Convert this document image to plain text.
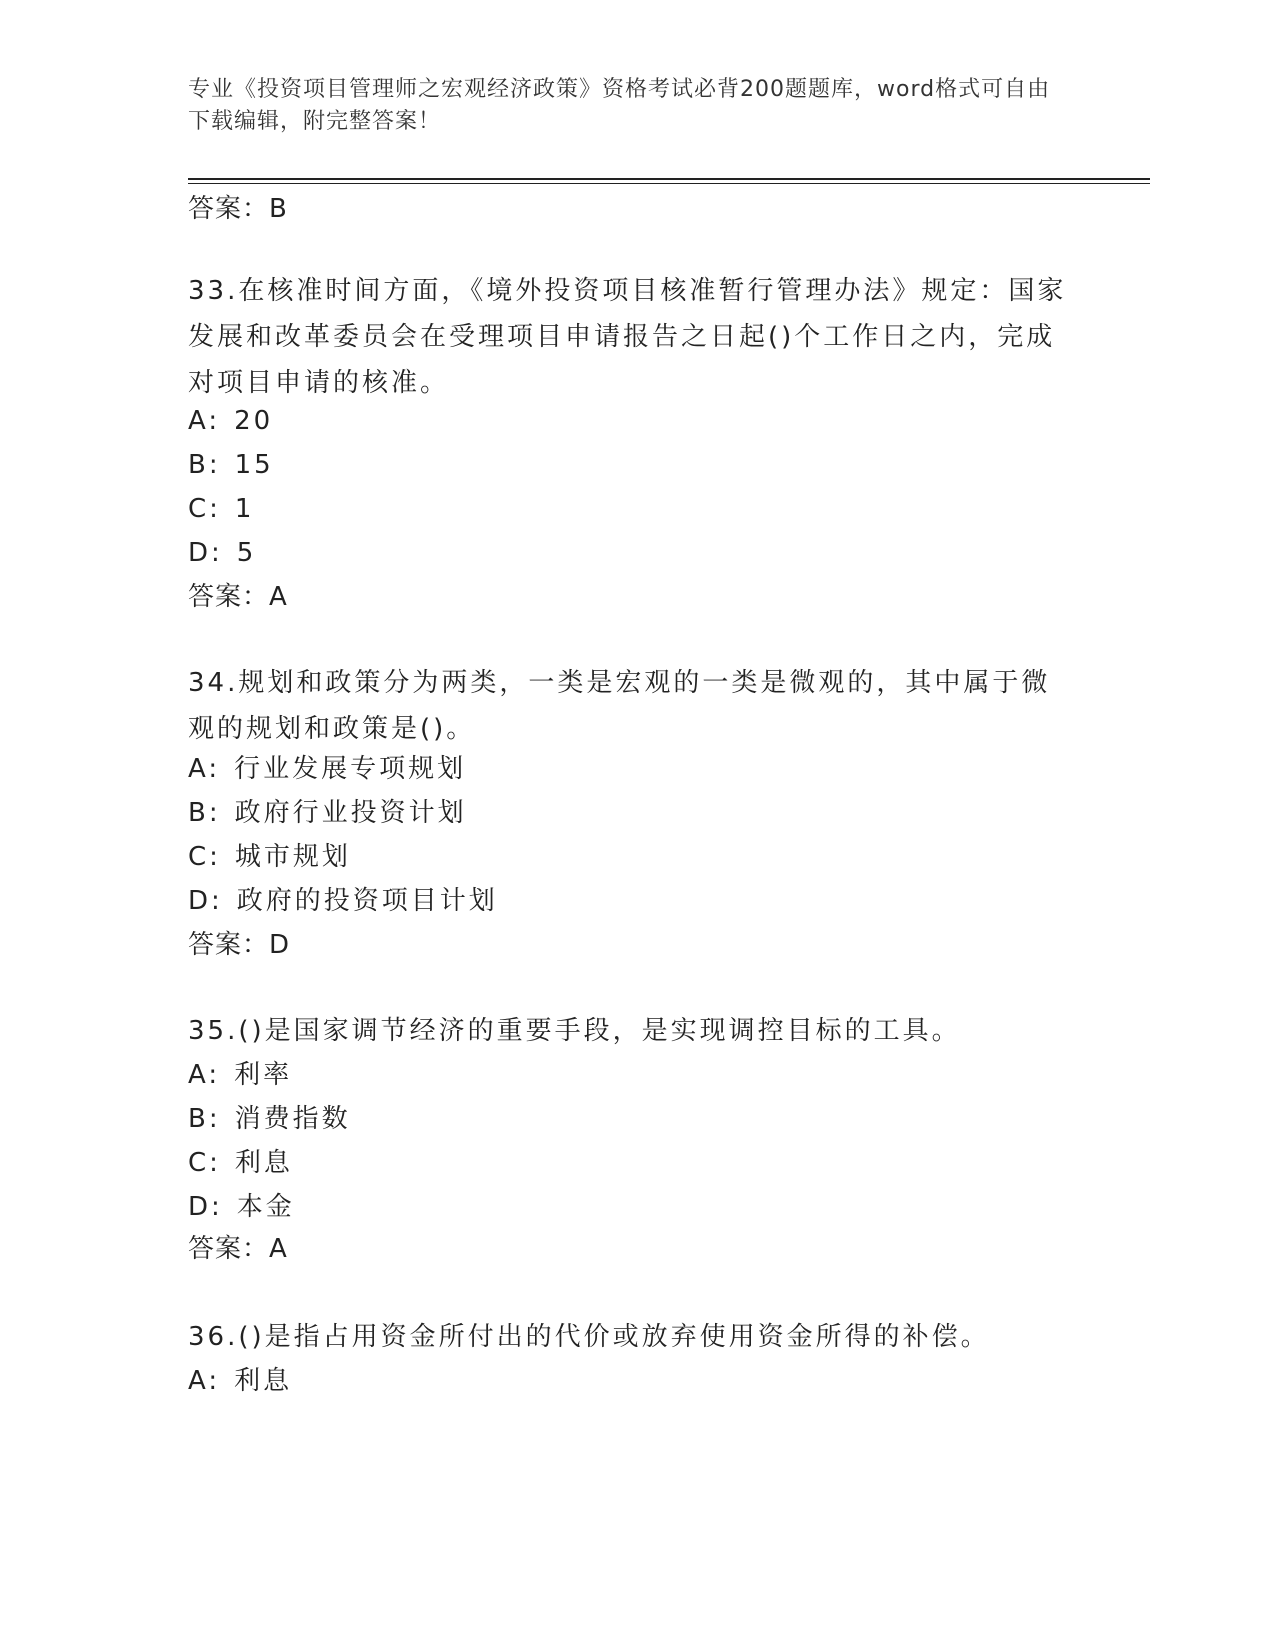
专业《投资项目管理师之宏观经济政策》资格考试必背200题题库，word格式可自由下载编辑，附完整答案！
答案：B
33.在核准时间方面，《境外投资项目核准暂行管理办法》规定：国家发展和改革委员会在受理项目申请报告之日起()个工作日之内，完成对项目申请的核准。
A: 20
B: 15
C: 1
D: 5
答案：A
34.规划和政策分为两类，一类是宏观的一类是微观的，其中属于微观的规划和政策是()。
A: 行业发展专项规划
B: 政府行业投资计划
C: 城市规划
D: 政府的投资项目计划
答案：D
35.()是国家调节经济的重要手段，是实现调控目标的工具。
A: 利率
B: 消费指数
C: 利息
D: 本金
答案：A
36.()是指占用资金所付出的代价或放弃使用资金所得的补偿。
A: 利息
